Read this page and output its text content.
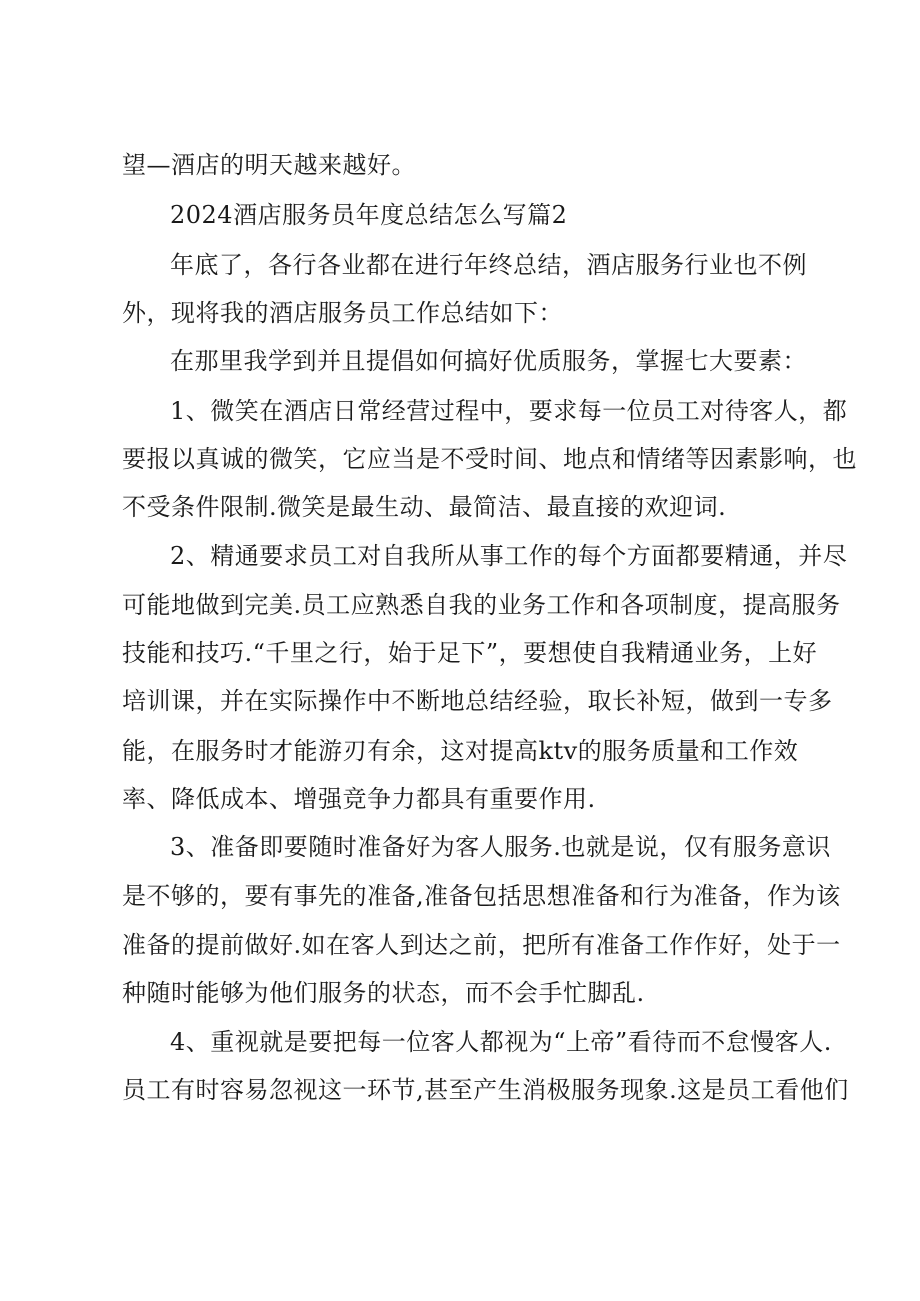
望—酒店的明天越来越好。
2024酒店服务员年度总结怎么写篇2
年底了，各行各业都在进行年终总结，酒店服务行业也不例
外，现将我的酒店服务员工作总结如下：
在那里我学到并且提倡如何搞好优质服务，掌握七大要素：
1、微笑在酒店日常经营过程中，要求每一位员工对待客人，都
要报以真诚的微笑，它应当是不受时间、地点和情绪等因素影响，也
不受条件限制.微笑是最生动、最简洁、最直接的欢迎词.
2、精通要求员工对自我所从事工作的每个方面都要精通，并尽
可能地做到完美.员工应熟悉自我的业务工作和各项制度，提高服务
技能和技巧.“千里之行，始于足下”，要想使自我精通业务，上好
培训课，并在实际操作中不断地总结经验，取长补短，做到一专多
能，在服务时才能游刃有余，这对提高ktv的服务质量和工作效
率、降低成本、增强竞争力都具有重要作用.
3、准备即要随时准备好为客人服务.也就是说，仅有服务意识
是不够的，要有事先的准备,准备包括思想准备和行为准备，作为该
准备的提前做好.如在客人到达之前，把所有准备工作作好，处于一
种随时能够为他们服务的状态，而不会手忙脚乱.
4、重视就是要把每一位客人都视为“上帝”看待而不怠慢客人.
员工有时容易忽视这一环节,甚至产生消极服务现象.这是员工看他们
